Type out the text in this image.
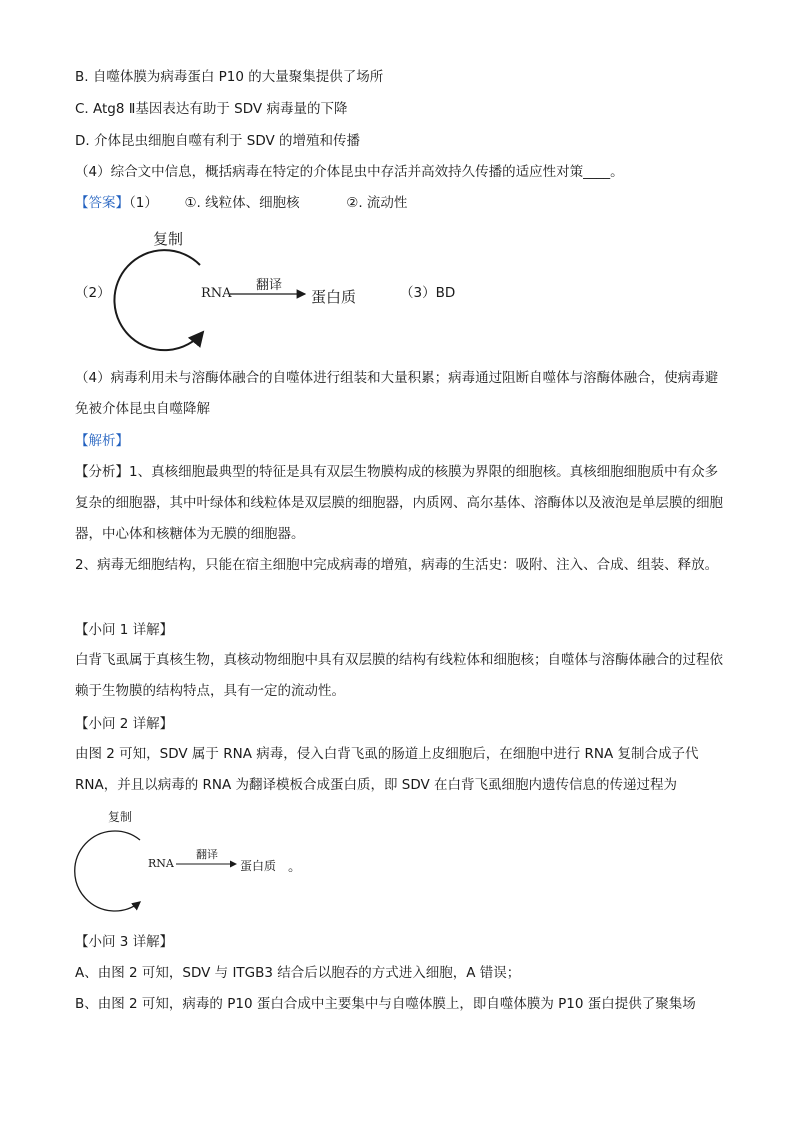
B. 自噬体膜为病毒蛋白 P10 的大量聚集提供了场所
C. Atg8 Ⅱ基因表达有助于 SDV 病毒量的下降
D. 介体昆虫细胞自噬有利于 SDV 的增殖和传播
（4）综合文中信息，概括病毒在特定的介体昆虫中存活并高效持久传播的适应性对策____。
【答案】（1） ①. 线粒体、细胞核	②. 流动性
（2）
复制
RNA
翻译
蛋白质	（3）BD
（4）病毒利用未与溶酶体融合的自噬体进行组装和大量积累；病毒通过阻断自噬体与溶酶体融合，使病毒避免被介体昆虫自噬降解
【解析】
【分析】1、真核细胞最典型的特征是具有双层生物膜构成的核膜为界限的细胞核。真核细胞细胞质中有众多复杂的细胞器，其中叶绿体和线粒体是双层膜的细胞器，内质网、高尔基体、溶酶体以及液泡是单层膜的细胞器，中心体和核糖体为无膜的细胞器。
2、病毒无细胞结构，只能在宿主细胞中完成病毒的增殖，病毒的生活史：吸附、注入、合成、组装、释放。
【小问 1 详解】
白背飞虱属于真核生物，真核动物细胞中具有双层膜的结构有线粒体和细胞核；自噬体与溶酶体融合的过程依赖于生物膜的结构特点，具有一定的流动性。
【小问 2 详解】
由图 2 可知，SDV 属于 RNA 病毒，侵入白背飞虱的肠道上皮细胞后，在细胞中进行 RNA 复制合成子代 RNA，并且以病毒的 RNA 为翻译模板合成蛋白质，即 SDV 在白背飞虱细胞内遗传信息的传递过程为
复制
RNA
翻译
蛋白质 。
【小问 3 详解】
A、由图 2 可知，SDV 与 ITGB3 结合后以胞吞的方式进入细胞，A 错误；
B、由图 2 可知，病毒的 P10 蛋白合成中主要集中与自噬体膜上，即自噬体膜为 P10 蛋白提供了聚集场
